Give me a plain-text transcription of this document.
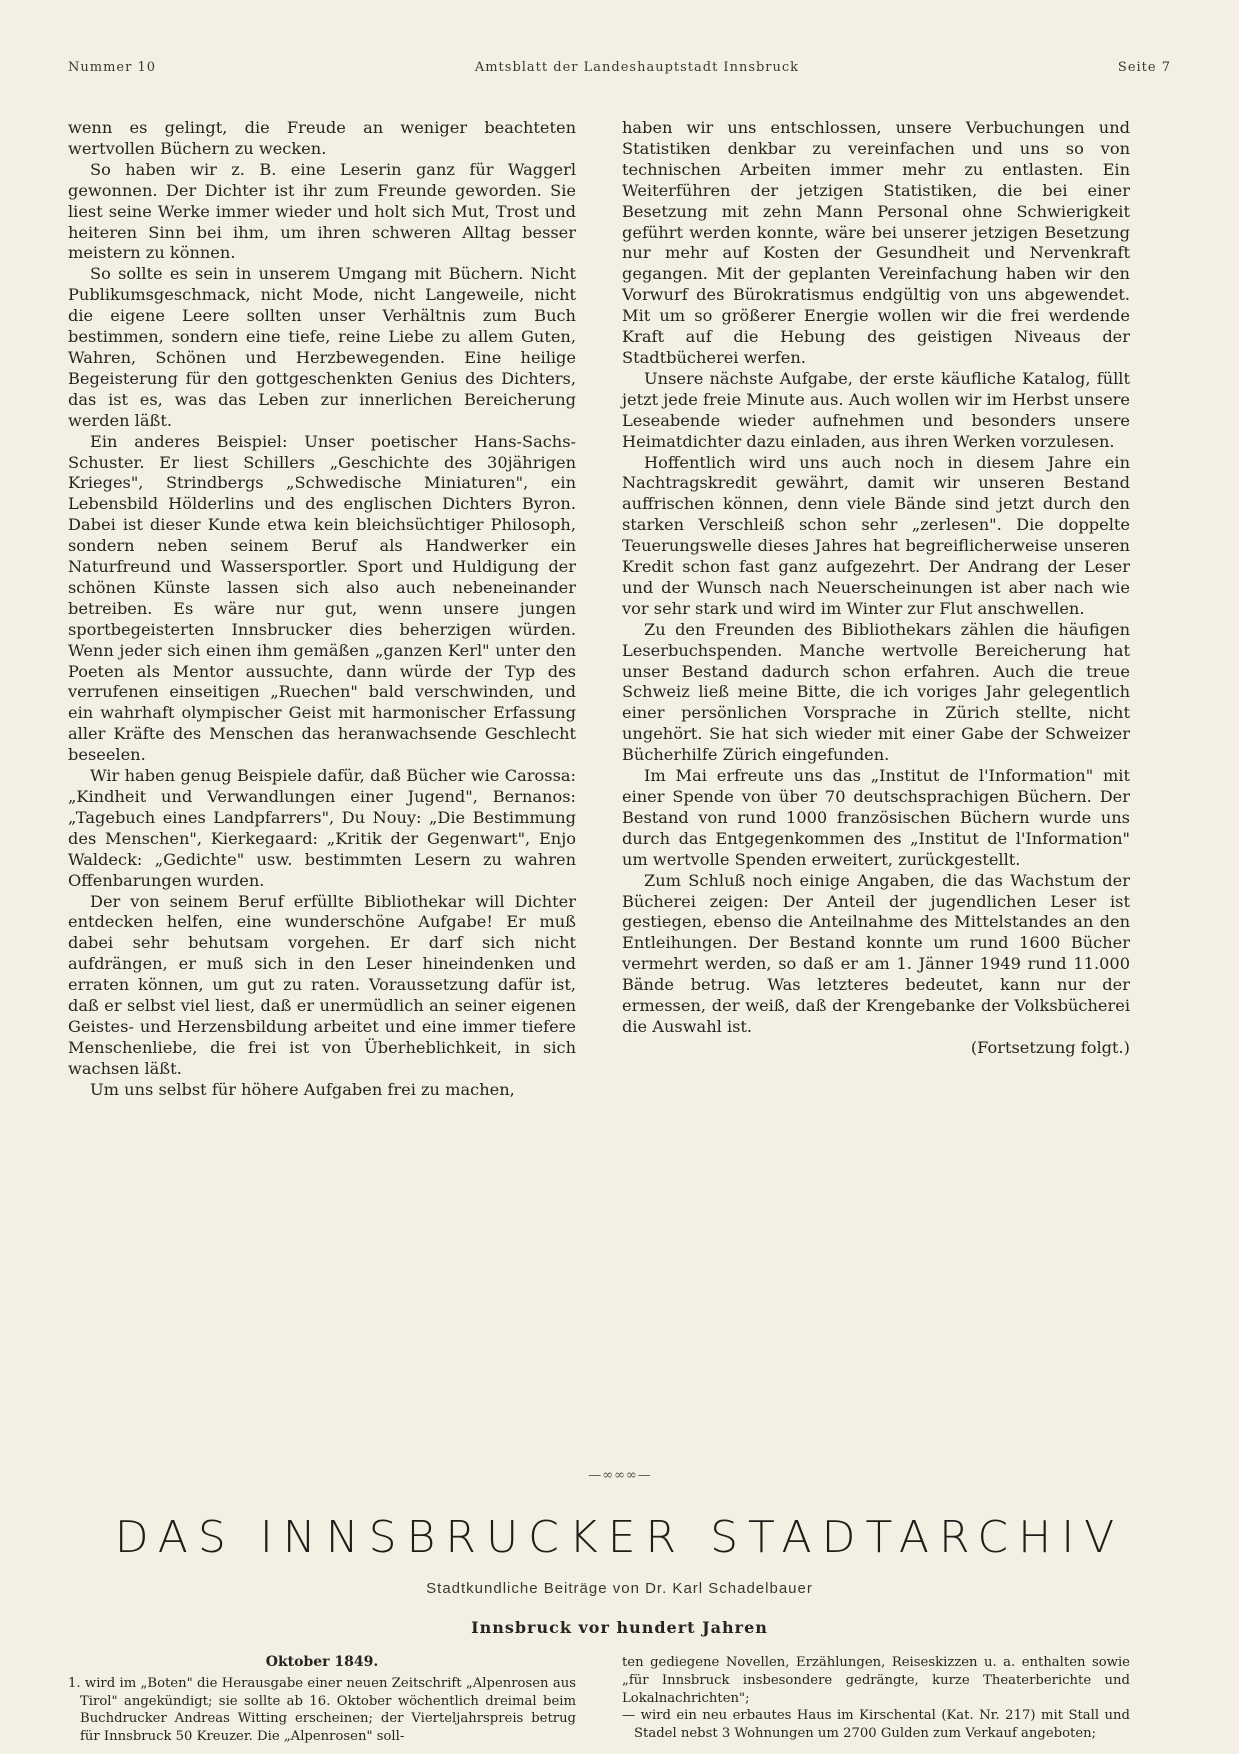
Nummer 10	Amtsblatt der Landeshauptstadt Innsbruck	Seite 7

wenn es gelingt, die Freude an weniger beachteten wertvollen Büchern zu wecken.

So haben wir z. B. eine Leserin ganz für Waggerl gewonnen. Der Dichter ist ihr zum Freunde geworden. Sie liest seine Werke immer wieder und holt sich Mut, Trost und heiteren Sinn bei ihm, um ihren schweren Alltag besser meistern zu können.

So sollte es sein in unserem Umgang mit Büchern. Nicht Publikumsgeschmack, nicht Mode, nicht Langeweile, nicht die eigene Leere sollten unser Verhältnis zum Buch bestimmen, sondern eine tiefe, reine Liebe zu allem Guten, Wahren, Schönen und Herzbewegenden. Eine heilige Begeisterung für den gottgeschenkten Genius des Dichters, das ist es, was das Leben zur innerlichen Bereicherung werden läßt.

Ein anderes Beispiel: Unser poetischer Hans-Sachs-Schuster. Er liest Schillers „Geschichte des 30jährigen Krieges", Strindbergs „Schwedische Miniaturen", ein Lebensbild Hölderlins und des englischen Dichters Byron. Dabei ist dieser Kunde etwa kein bleichsüchtiger Philosoph, sondern neben seinem Beruf als Handwerker ein Naturfreund und Wassersportler. Sport und Huldigung der schönen Künste lassen sich also auch nebeneinander betreiben. Es wäre nur gut, wenn unsere jungen sportbegeisterten Innsbrucker dies beherzigen würden. Wenn jeder sich einen ihm gemäßen „ganzen Kerl" unter den Poeten als Mentor aussuchte, dann würde der Typ des verrufenen einseitigen „Ruechen" bald verschwinden, und ein wahrhaft olympischer Geist mit harmonischer Erfassung aller Kräfte des Menschen das heranwachsende Geschlecht beseelen.

Wir haben genug Beispiele dafür, daß Bücher wie Carossa: „Kindheit und Verwandlungen einer Jugend", Bernanos: „Tagebuch eines Landpfarrers", Du Nouy: „Die Bestimmung des Menschen", Kierkegaard: „Kritik der Gegenwart", Enjo Waldeck: „Gedichte" usw. bestimmten Lesern zu wahren Offenbarungen wurden.

Der von seinem Beruf erfüllte Bibliothekar will Dichter entdecken helfen, eine wunderschöne Aufgabe! Er muß dabei sehr behutsam vorgehen. Er darf sich nicht aufdrängen, er muß sich in den Leser hineindenken und erraten können, um gut zu raten. Voraussetzung dafür ist, daß er selbst viel liest, daß er unermüdlich an seiner eigenen Geistes- und Herzensbildung arbeitet und eine immer tiefere Menschenliebe, die frei ist von Überheblichkeit, in sich wachsen läßt.

Um uns selbst für höhere Aufgaben frei zu machen,

haben wir uns entschlossen, unsere Verbuchungen und Statistiken denkbar zu vereinfachen und uns so von technischen Arbeiten immer mehr zu entlasten. Ein Weiterführen der jetzigen Statistiken, die bei einer Besetzung mit zehn Mann Personal ohne Schwierigkeit geführt werden konnte, wäre bei unserer jetzigen Besetzung nur mehr auf Kosten der Gesundheit und Nervenkraft gegangen. Mit der geplanten Vereinfachung haben wir den Vorwurf des Bürokratismus endgültig von uns abgewendet. Mit um so größerer Energie wollen wir die frei werdende Kraft auf die Hebung des geistigen Niveaus der Stadtbücherei werfen.

Unsere nächste Aufgabe, der erste käufliche Katalog, füllt jetzt jede freie Minute aus. Auch wollen wir im Herbst unsere Leseabende wieder aufnehmen und besonders unsere Heimatdichter dazu einladen, aus ihren Werken vorzulesen.

Hoffentlich wird uns auch noch in diesem Jahre ein Nachtragskredit gewährt, damit wir unseren Bestand auffrischen können, denn viele Bände sind jetzt durch den starken Verschleiß schon sehr „zerlesen". Die doppelte Teuerungswelle dieses Jahres hat begreiflicherweise unseren Kredit schon fast ganz aufgezehrt. Der Andrang der Leser und der Wunsch nach Neuerscheinungen ist aber nach wie vor sehr stark und wird im Winter zur Flut anschwellen.

Zu den Freunden des Bibliothekars zählen die häufigen Leserbuchspenden. Manche wertvolle Bereicherung hat unser Bestand dadurch schon erfahren. Auch die treue Schweiz ließ meine Bitte, die ich voriges Jahr gelegentlich einer persönlichen Vorsprache in Zürich stellte, nicht ungehört. Sie hat sich wieder mit einer Gabe der Schweizer Bücherhilfe Zürich eingefunden.

Im Mai erfreute uns das „Institut de l'Information" mit einer Spende von über 70 deutschsprachigen Büchern. Der Bestand von rund 1000 französischen Büchern wurde uns durch das Entgegenkommen des „Institut de l'Information" um wertvolle Spenden erweitert, zurückgestellt.

Zum Schluß noch einige Angaben, die das Wachstum der Bücherei zeigen: Der Anteil der jugendlichen Leser ist gestiegen, ebenso die Anteilnahme des Mittelstandes an den Entleihungen. Der Bestand konnte um rund 1600 Bücher vermehrt werden, so daß er am 1. Jänner 1949 rund 11.000 Bände betrug. Was letzteres bedeutet, kann nur der ermessen, der weiß, daß der Krengebanke der Volksbücherei die Auswahl ist.

(Fortsetzung folgt.)

—∞∞∞—
DAS INNSBRUCKER STADTARCHIV
Stadtkundliche Beiträge von Dr. Karl Schadelbauer
Innsbruck vor hundert Jahren

Oktober 1849.

1. wird im „Boten" die Herausgabe einer neuen Zeitschrift „Alpenrosen aus Tirol" angekündigt; sie sollte ab 16. Oktober wöchentlich dreimal beim Buchdrucker Andreas Witting erscheinen; der Vierteljahrspreis betrug für Innsbruck 50 Kreuzer. Die „Alpenrosen" soll-

ten gediegene Novellen, Erzählungen, Reiseskizzen u. a. enthalten sowie „für Innsbruck insbesondere gedrängte, kurze Theaterberichte und Lokalnachrichten";

— wird ein neu erbautes Haus im Kirschental (Kat. Nr. 217) mit Stall und Stadel nebst 3 Wohnungen um 2700 Gulden zum Verkauf angeboten;
